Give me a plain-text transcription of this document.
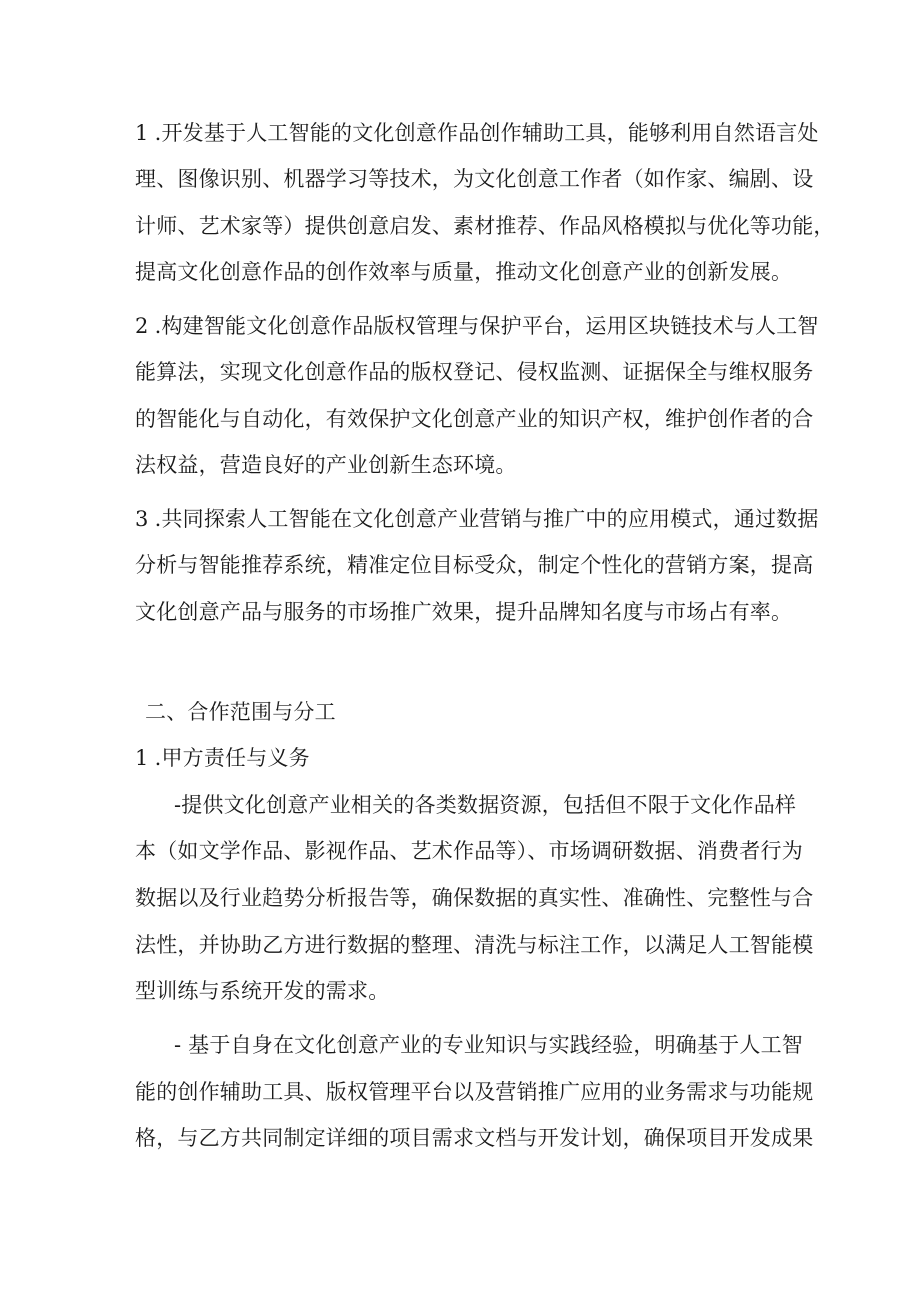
1 .开发基于人工智能的文化创意作品创作辅助工具，能够利用自然语言处
理、图像识别、机器学习等技术，为文化创意工作者（如作家、编剧、设
计师、艺术家等）提供创意启发、素材推荐、作品风格模拟与优化等功能，
提高文化创意作品的创作效率与质量，推动文化创意产业的创新发展。
2 .构建智能文化创意作品版权管理与保护平台，运用区块链技术与人工智
能算法，实现文化创意作品的版权登记、侵权监测、证据保全与维权服务
的智能化与自动化，有效保护文化创意产业的知识产权，维护创作者的合
法权益，营造良好的产业创新生态环境。
3 .共同探索人工智能在文化创意产业营销与推广中的应用模式，通过数据
分析与智能推荐系统，精准定位目标受众，制定个性化的营销方案，提高
文化创意产品与服务的市场推广效果，提升品牌知名度与市场占有率。
二、合作范围与分工
1 .甲方责任与义务
-提供文化创意产业相关的各类数据资源，包括但不限于文化作品样
本（如文学作品、影视作品、艺术作品等）、市场调研数据、消费者行为
数据以及行业趋势分析报告等，确保数据的真实性、准确性、完整性与合
法性，并协助乙方进行数据的整理、清洗与标注工作，以满足人工智能模
型训练与系统开发的需求。
- 基于自身在文化创意产业的专业知识与实践经验，明确基于人工智
能的创作辅助工具、版权管理平台以及营销推广应用的业务需求与功能规
格，与乙方共同制定详细的项目需求文档与开发计划，确保项目开发成果
